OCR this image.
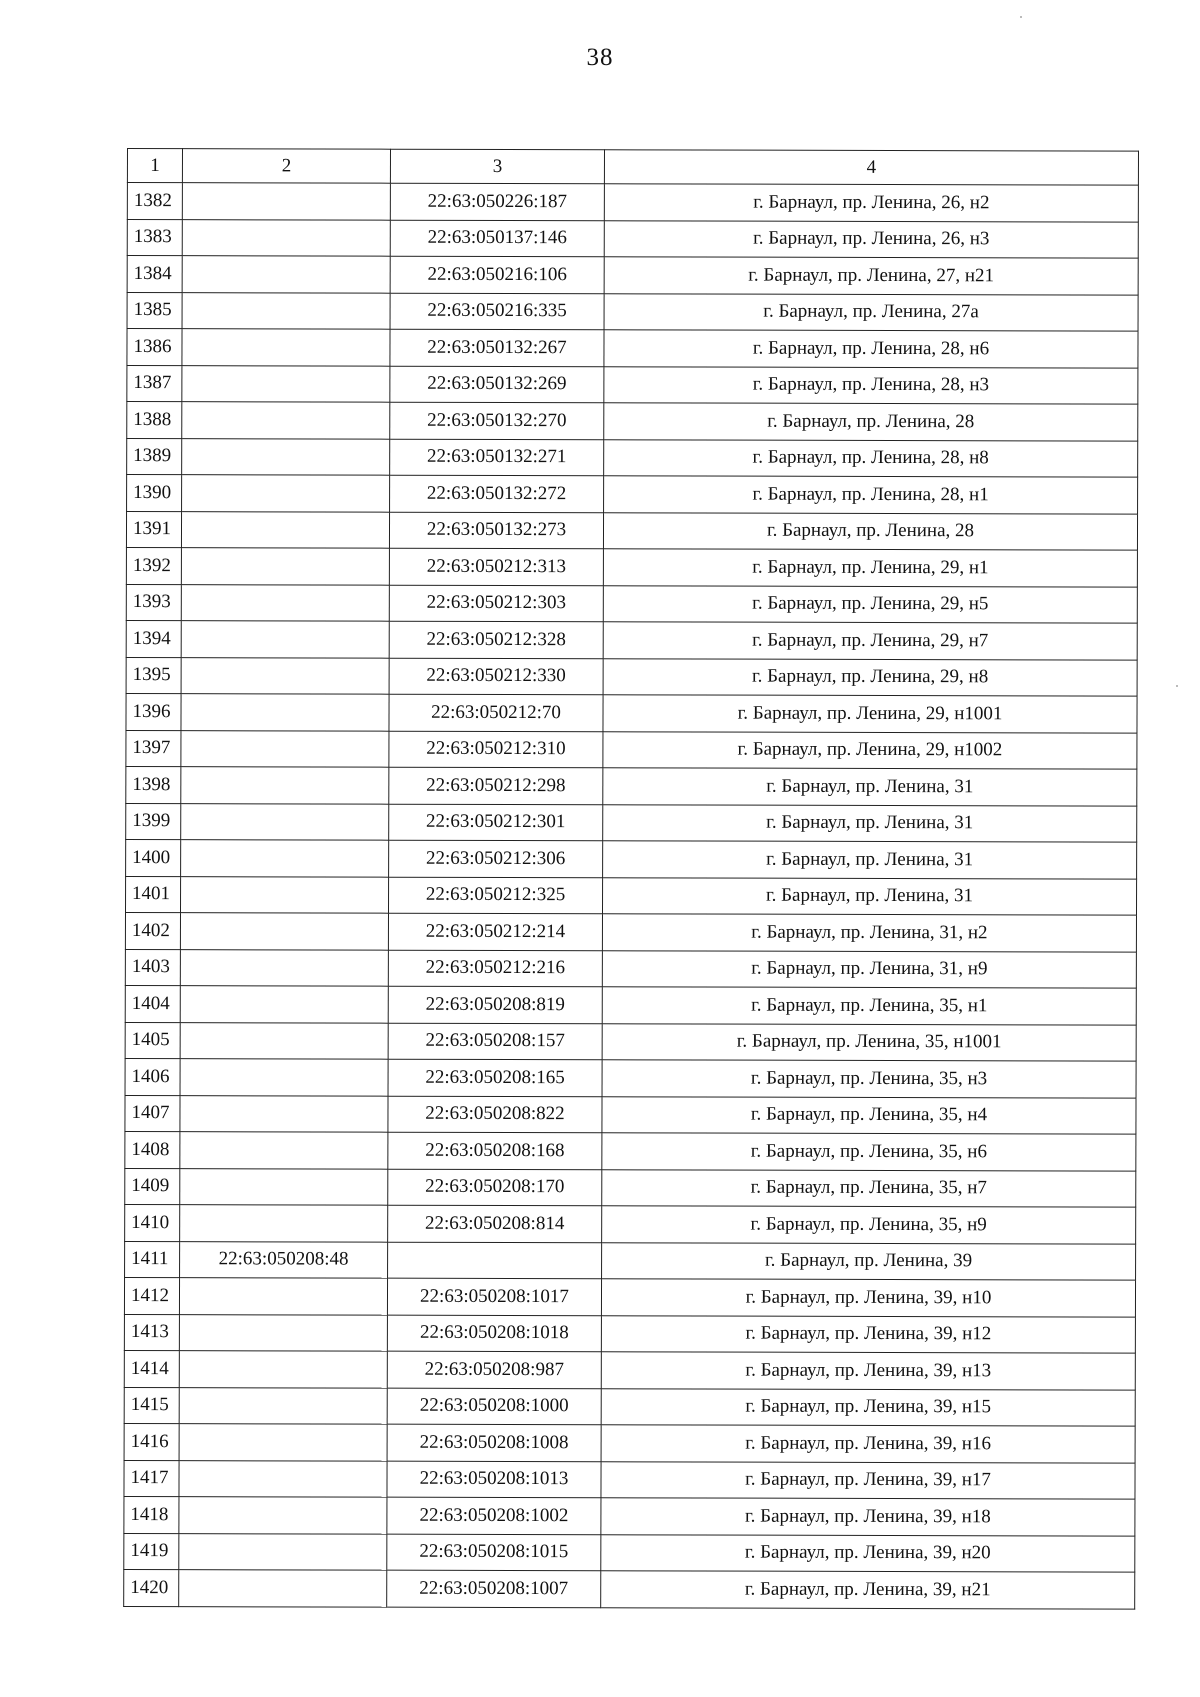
38
1	2	3	4
1382		22:63:050226:187	г. Барнаул, пр. Ленина, 26, н2
1383		22:63:050137:146	г. Барнаул, пр. Ленина, 26, н3
1384		22:63:050216:106	г. Барнаул, пр. Ленина, 27, н21
1385		22:63:050216:335	г. Барнаул, пр. Ленина, 27а
1386		22:63:050132:267	г. Барнаул, пр. Ленина, 28, н6
1387		22:63:050132:269	г. Барнаул, пр. Ленина, 28, н3
1388		22:63:050132:270	г. Барнаул, пр. Ленина, 28
1389		22:63:050132:271	г. Барнаул, пр. Ленина, 28, н8
1390		22:63:050132:272	г. Барнаул, пр. Ленина, 28, н1
1391		22:63:050132:273	г. Барнаул, пр. Ленина, 28
1392		22:63:050212:313	г. Барнаул, пр. Ленина, 29, н1
1393		22:63:050212:303	г. Барнаул, пр. Ленина, 29, н5
1394		22:63:050212:328	г. Барнаул, пр. Ленина, 29, н7
1395		22:63:050212:330	г. Барнаул, пр. Ленина, 29, н8
1396		22:63:050212:70	г. Барнаул, пр. Ленина, 29, н1001
1397		22:63:050212:310	г. Барнаул, пр. Ленина, 29, н1002
1398		22:63:050212:298	г. Барнаул, пр. Ленина, 31
1399		22:63:050212:301	г. Барнаул, пр. Ленина, 31
1400		22:63:050212:306	г. Барнаул, пр. Ленина, 31
1401		22:63:050212:325	г. Барнаул, пр. Ленина, 31
1402		22:63:050212:214	г. Барнаул, пр. Ленина, 31, н2
1403		22:63:050212:216	г. Барнаул, пр. Ленина, 31, н9
1404		22:63:050208:819	г. Барнаул, пр. Ленина, 35, н1
1405		22:63:050208:157	г. Барнаул, пр. Ленина, 35, н1001
1406		22:63:050208:165	г. Барнаул, пр. Ленина, 35, н3
1407		22:63:050208:822	г. Барнаул, пр. Ленина, 35, н4
1408		22:63:050208:168	г. Барнаул, пр. Ленина, 35, н6
1409		22:63:050208:170	г. Барнаул, пр. Ленина, 35, н7
1410		22:63:050208:814	г. Барнаул, пр. Ленина, 35, н9
1411	22:63:050208:48		г. Барнаул, пр. Ленина, 39
1412		22:63:050208:1017	г. Барнаул, пр. Ленина, 39, н10
1413		22:63:050208:1018	г. Барнаул, пр. Ленина, 39, н12
1414		22:63:050208:987	г. Барнаул, пр. Ленина, 39, н13
1415		22:63:050208:1000	г. Барнаул, пр. Ленина, 39, н15
1416		22:63:050208:1008	г. Барнаул, пр. Ленина, 39, н16
1417		22:63:050208:1013	г. Барнаул, пр. Ленина, 39, н17
1418		22:63:050208:1002	г. Барнаул, пр. Ленина, 39, н18
1419		22:63:050208:1015	г. Барнаул, пр. Ленина, 39, н20
1420		22:63:050208:1007	г. Барнаул, пр. Ленина, 39, н21
